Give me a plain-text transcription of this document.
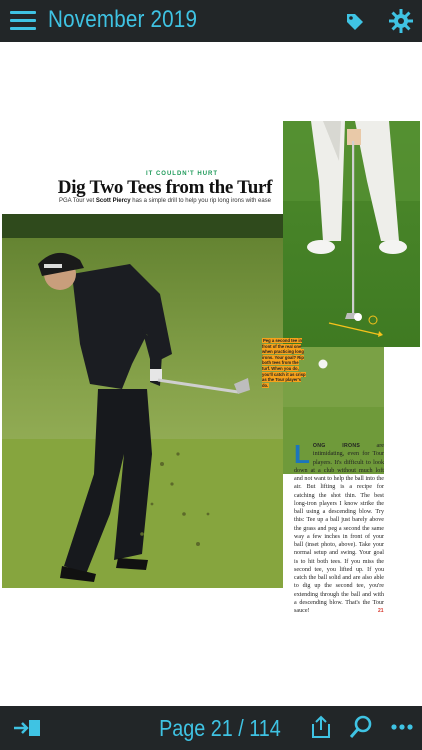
November 2019
IT COULDN'T HURT
Dig Two Tees from the Turf
PGA Tour vet Scott Piercy has a simple drill to help you rip long irons with ease
Peg a second tee in front of the real one when practicing long irons. Your goal? Rip both tees from the turf. When you do, you'll catch it as crisp as the Tour player's do.
LONG IRONS are intimidating, even for Tour players. It's difficult to look down at a club without much loft and not want to help the ball into the air. But lifting is a recipe for catching the shot thin. The best long-iron players I know strike the ball using a descending blow. Try this: Tee up a ball just barely above the grass and peg a second the same way a few inches in front of your ball (inset photo, above). Take your normal setup and swing. Your goal is to hit both tees. If you miss the second tee, you lifted up. If you catch the ball solid and are also able to dig up the second tee, you're extending through the ball and with a descending blow. That's the Tour sauce!	21
Page 21 / 114
